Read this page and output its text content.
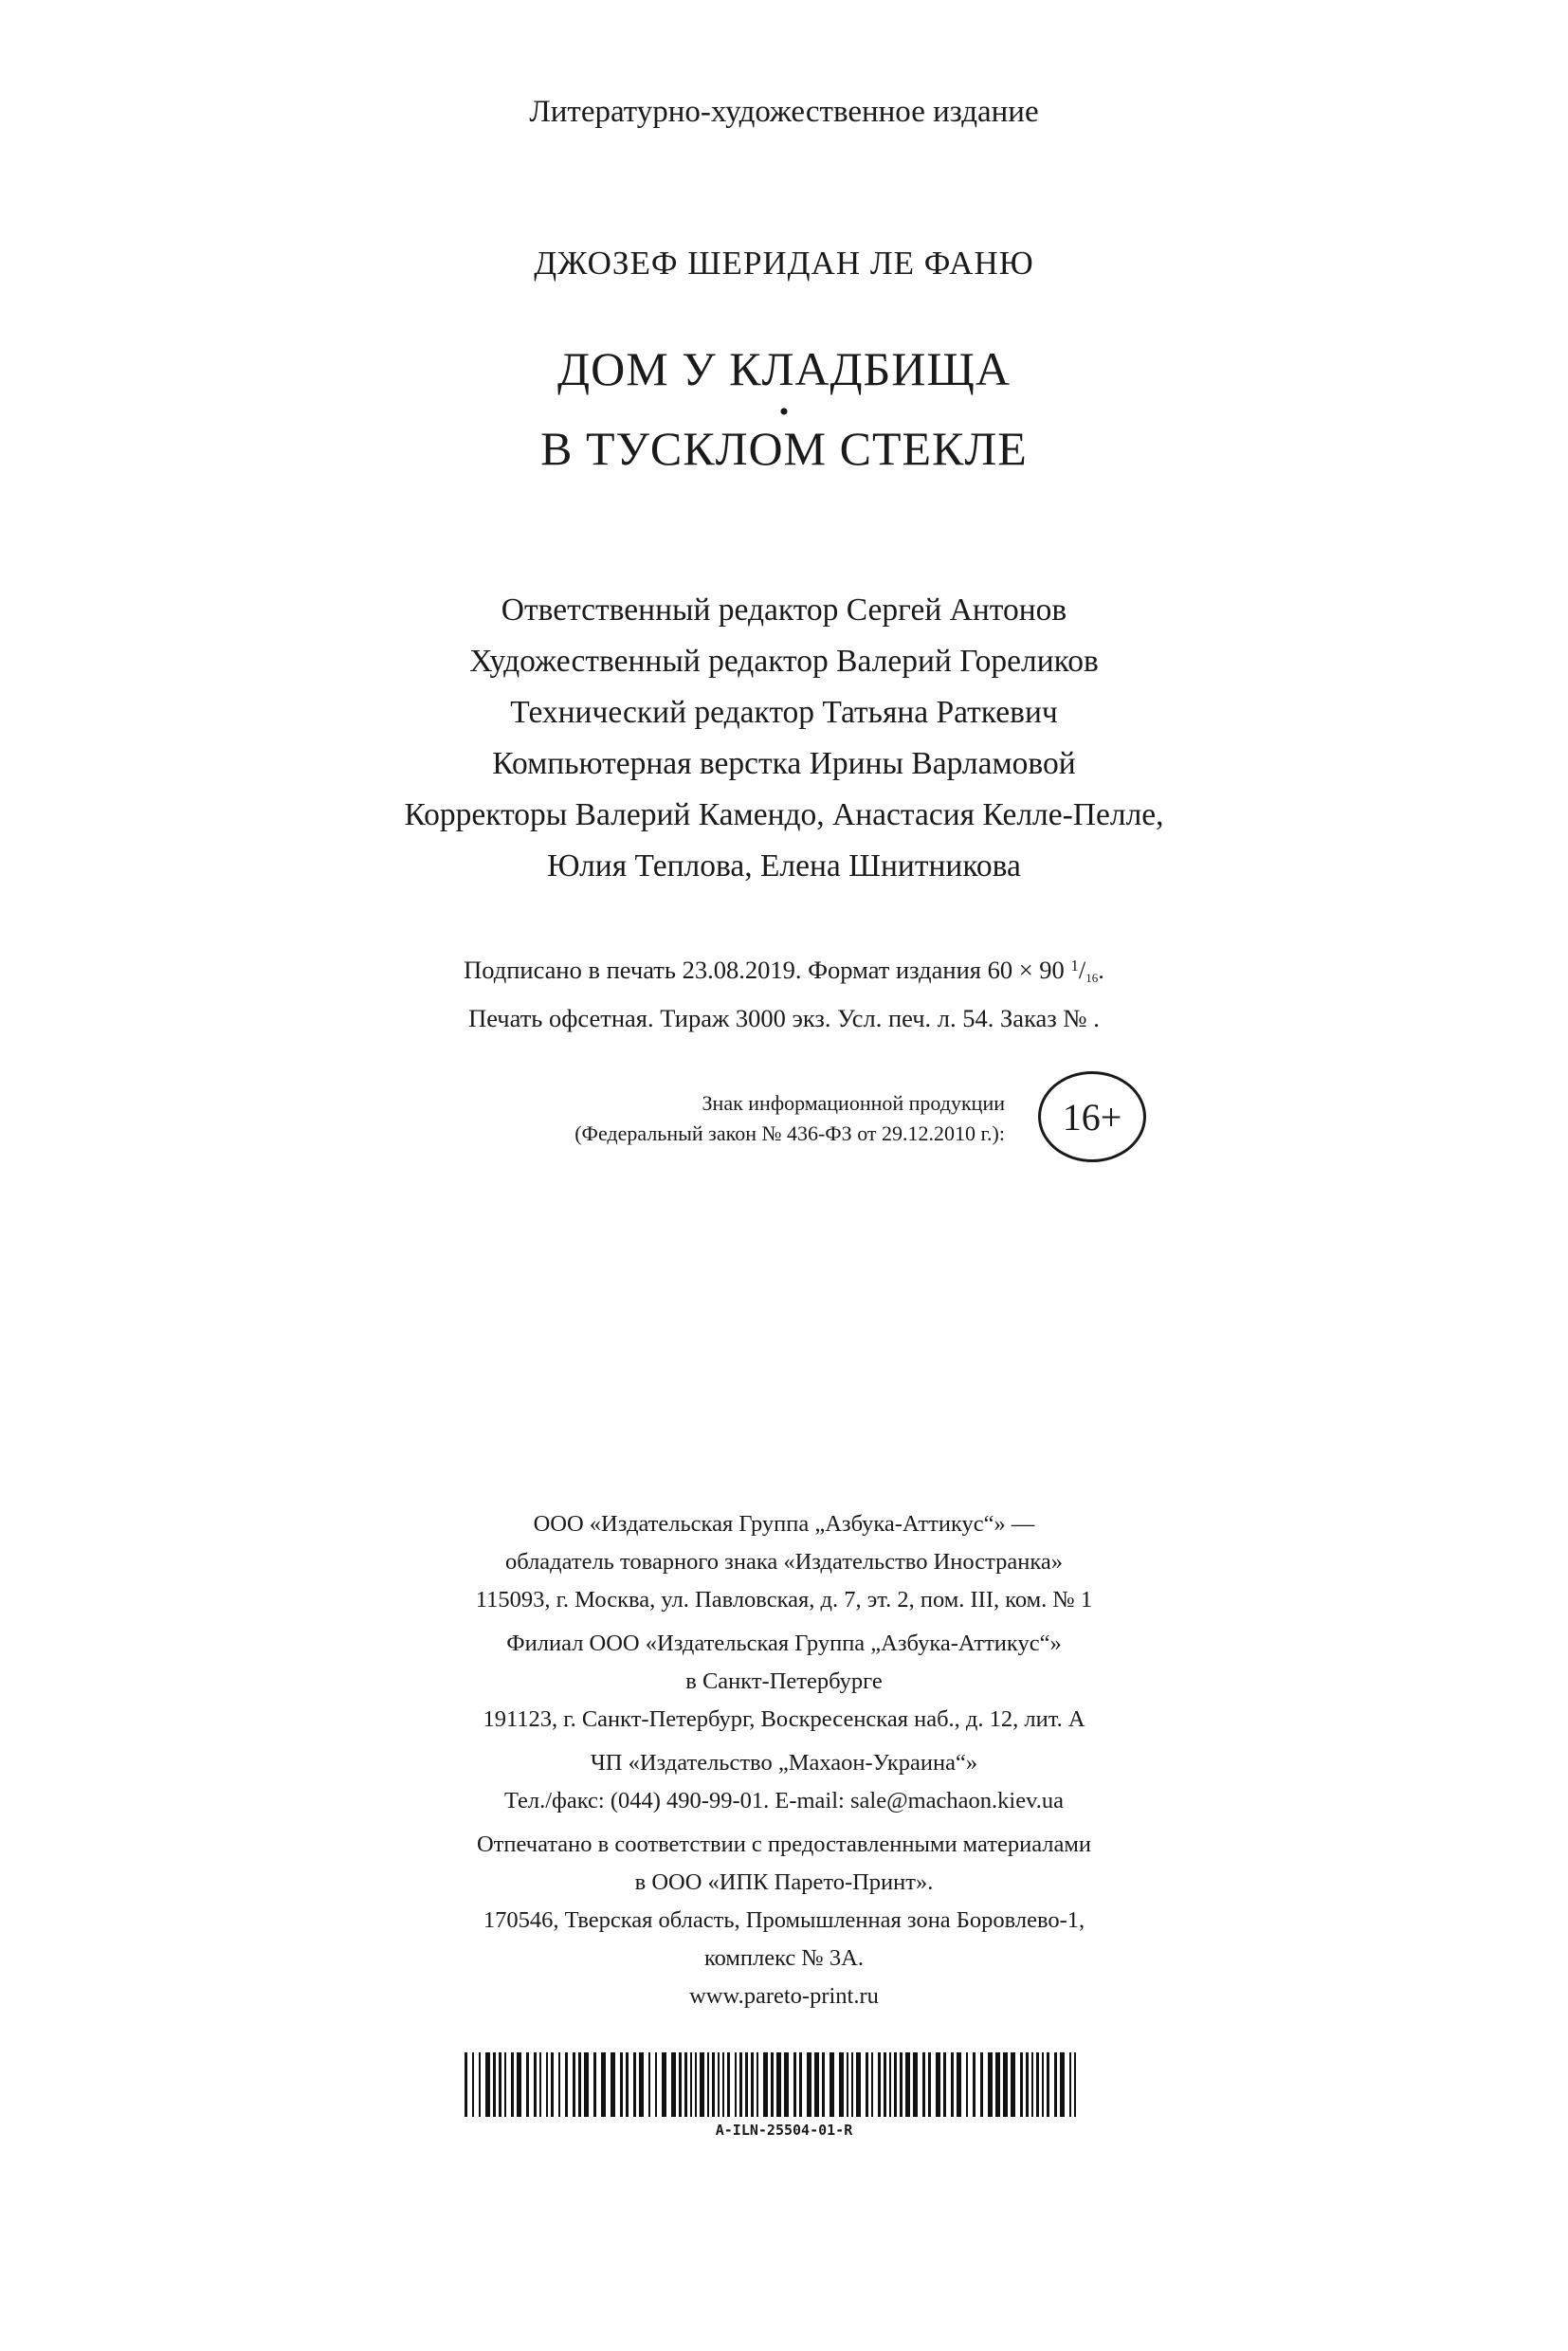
Литературно-художественное издание
ДЖОЗЕФ ШЕРИДАН ЛЕ ФАНЮ
ДОМ У КЛАДБИЩА
•
В ТУСКЛОМ СТЕКЛЕ
Ответственный редактор Сергей Антонов
Художественный редактор Валерий Гореликов
Технический редактор Татьяна Раткевич
Компьютерная верстка Ирины Варламовой
Корректоры Валерий Камендо, Анастасия Келле-Пелле,
Юлия Теплова, Елена Шнитникова
Подписано в печать 23.08.2019. Формат издания 60 × 90 $^1/_{16}$.
Печать офсетная. Тираж 3000 экз. Усл. печ. л. 54. Заказ № .
Знак информационной продукции
(Федеральный закон № 436-ФЗ от 29.12.2010 г.):	16+
ООО «Издательская Группа „Азбука-Аттикус“» —
обладатель товарного знака «Издательство Иностранка»
115093, г. Москва, ул. Павловская, д. 7, эт. 2, пом. III, ком. № 1
Филиал ООО «Издательская Группа „Азбука-Аттикус“»
в Санкт-Петербурге
191123, г. Санкт-Петербург, Воскресенская наб., д. 12, лит. А
ЧП «Издательство „Махаон-Украина“»
Тел./факс: (044) 490-99-01. E-mail: sale@machaon.kiev.ua
Отпечатано в соответствии с предоставленными материалами
в ООО «ИПК Парето-Принт».
170546, Тверская область, Промышленная зона Боровлево-1,
комплекс № 3А.
www.pareto-print.ru
A-ILN-25504-01-R
